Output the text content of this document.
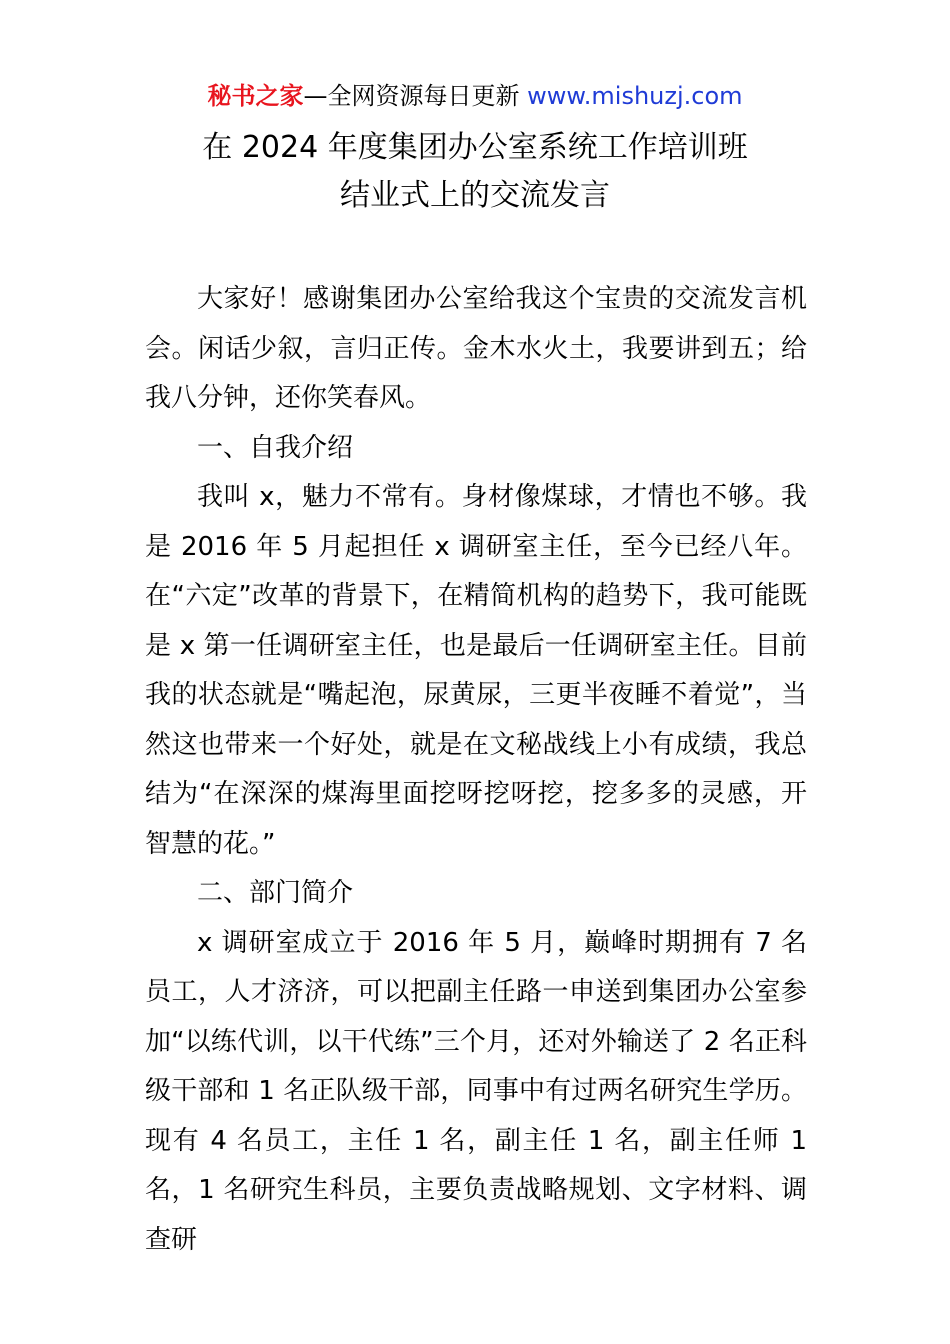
秘书之家—全网资源每日更新 www.mishuzj.com
在 2024 年度集团办公室系统工作培训班
结业式上的交流发言

大家好！感谢集团办公室给我这个宝贵的交流发言机会。闲话少叙，言归正传。金木水火土，我要讲到五；给我八分钟，还你笑春风。

一、自我介绍

我叫 x，魅力不常有。身材像煤球，才情也不够。我是 2016 年 5 月起担任 x 调研室主任，至今已经八年。在“六定”改革的背景下，在精简机构的趋势下，我可能既是 x 第一任调研室主任，也是最后一任调研室主任。目前我的状态就是“嘴起泡，尿黄尿，三更半夜睡不着觉”，当然这也带来一个好处，就是在文秘战线上小有成绩，我总结为“在深深的煤海里面挖呀挖呀挖，挖多多的灵感，开智慧的花。”

二、部门简介

x 调研室成立于 2016 年 5 月，巅峰时期拥有 7 名员工，人才济济，可以把副主任路一申送到集团办公室参加“以练代训，以干代练”三个月，还对外输送了 2 名正科级干部和 1 名正队级干部，同事中有过两名研究生学历。现有 4 名员工，主任 1 名，副主任 1 名，副主任师 1 名，1 名研究生科员，主要负责战略规划、文字材料、调查研
